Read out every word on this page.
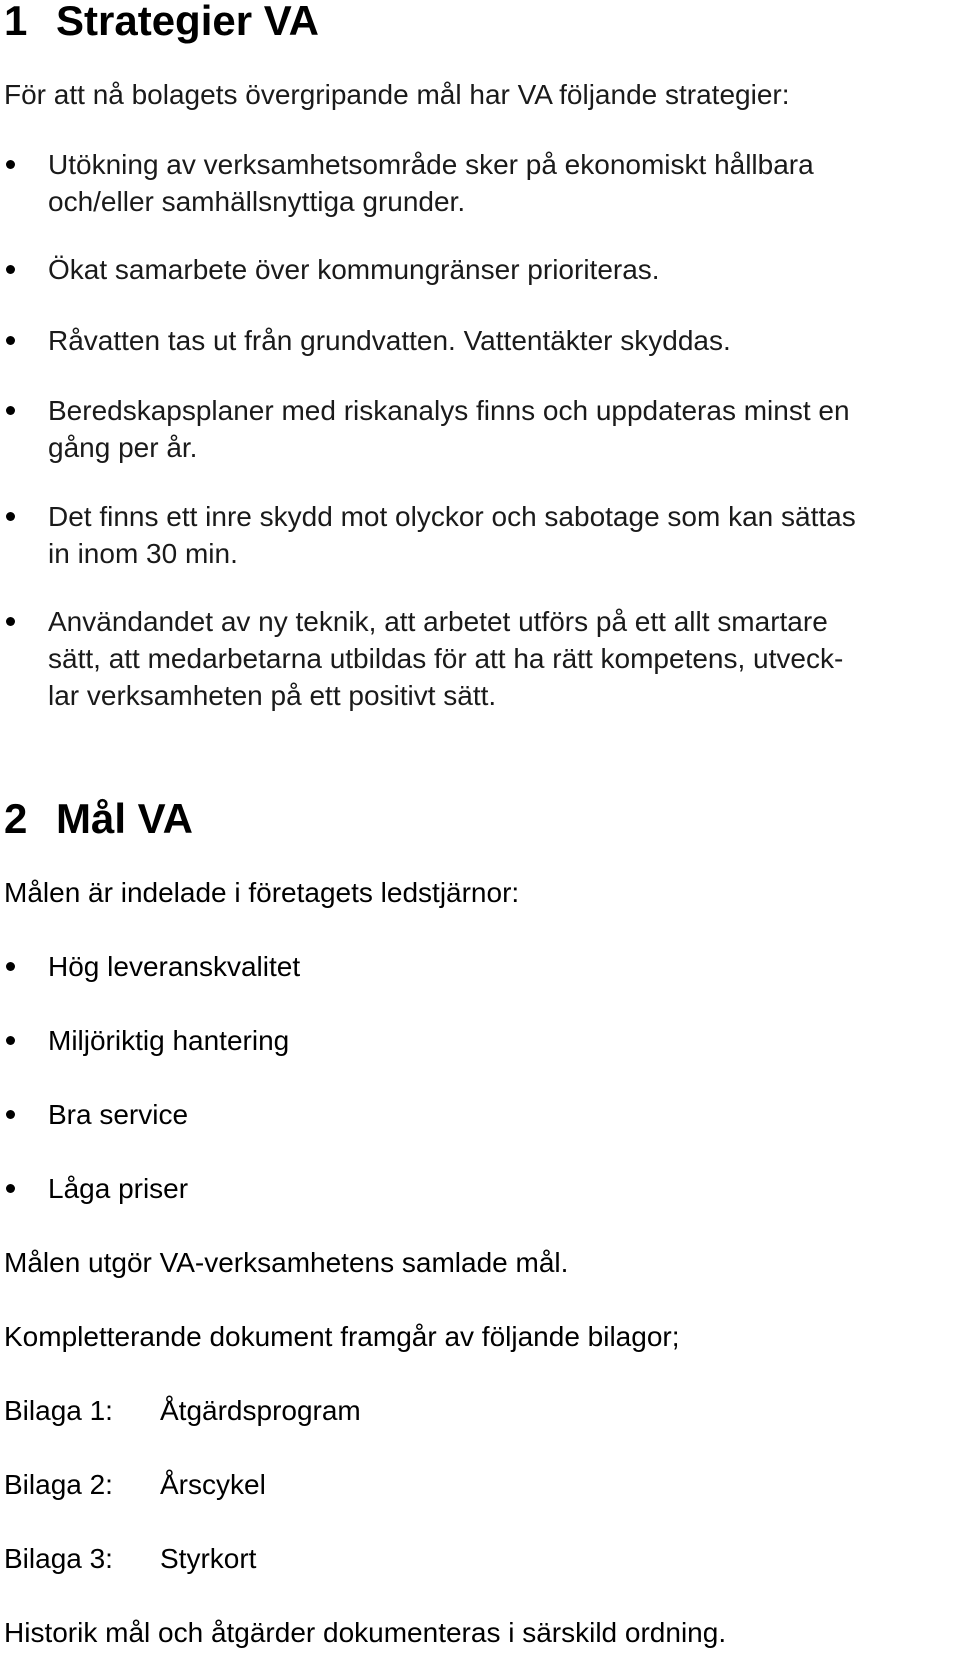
1 Strategier VA

För att nå bolagets övergripande mål har VA följande strategier:

Utökning av verksamhetsområde sker på ekonomiskt hållbara
och/eller samhällsnyttiga grunder.
Ökat samarbete över kommungränser prioriteras.
Råvatten tas ut från grundvatten. Vattentäkter skyddas.
Beredskapsplaner med riskanalys finns och uppdateras minst en
gång per år.
Det finns ett inre skydd mot olyckor och sabotage som kan sättas
in inom 30 min.
Användandet av ny teknik, att arbetet utförs på ett allt smartare
sätt, att medarbetarna utbildas för att ha rätt kompetens, utveck-
lar verksamheten på ett positivt sätt.
2 Mål VA

Målen är indelade i företagets ledstjärnor:

Hög leveranskvalitet
Miljöriktig hantering
Bra service
Låga priser

Målen utgör VA-verksamhetens samlade mål.

Kompletterande dokument framgår av följande bilagor;

Bilaga 1: Åtgärdsprogram
Bilaga 2: Årscykel
Bilaga 3: Styrkort

Historik mål och åtgärder dokumenteras i särskild ordning.
